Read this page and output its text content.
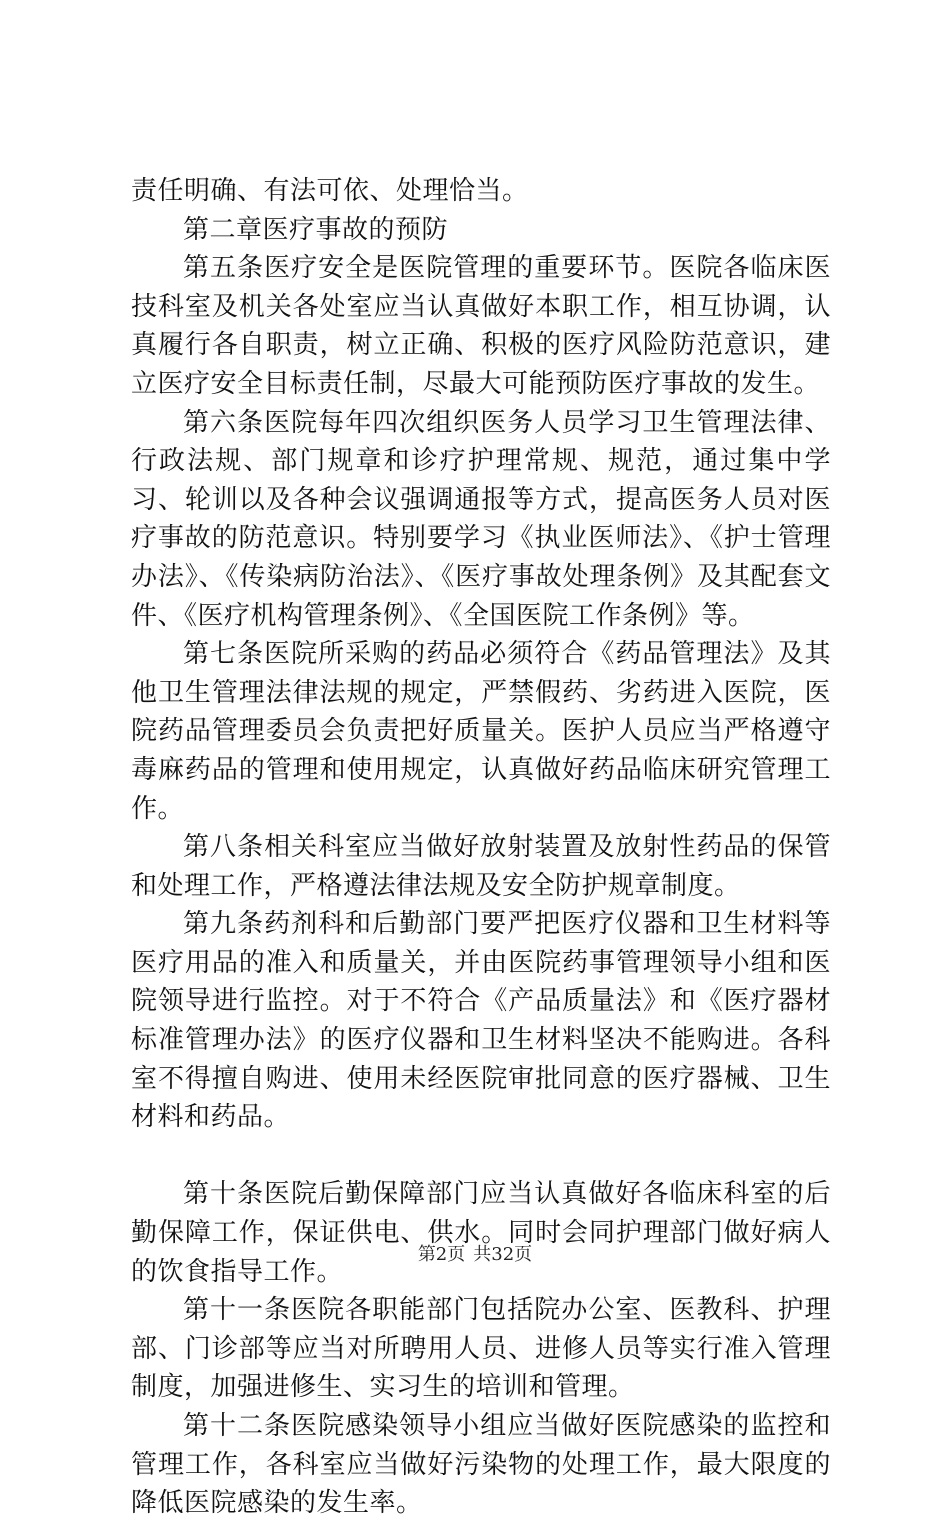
责任明确、有法可依、处理恰当。

第二章医疗事故的预防

第五条医疗安全是医院管理的重要环节。医院各临床医技科室及机关各处室应当认真做好本职工作，相互协调，认真履行各自职责，树立正确、积极的医疗风险防范意识，建立医疗安全目标责任制，尽最大可能预防医疗事故的发生。

第六条医院每年四次组织医务人员学习卫生管理法律、行政法规、部门规章和诊疗护理常规、规范，通过集中学习、轮训以及各种会议强调通报等方式，提高医务人员对医疗事故的防范意识。特别要学习《执业医师法》、《护士管理办法》、《传染病防治法》、《医疗事故处理条例》及其配套文件、《医疗机构管理条例》、《全国医院工作条例》等。

第七条医院所采购的药品必须符合《药品管理法》及其他卫生管理法律法规的规定，严禁假药、劣药进入医院，医院药品管理委员会负责把好质量关。医护人员应当严格遵守毒麻药品的管理和使用规定，认真做好药品临床研究管理工作。

第八条相关科室应当做好放射装置及放射性药品的保管和处理工作，严格遵法律法规及安全防护规章制度。

第九条药剂科和后勤部门要严把医疗仪器和卫生材料等医疗用品的准入和质量关，并由医院药事管理领导小组和医院领导进行监控。对于不符合《产品质量法》和《医疗器材标准管理办法》的医疗仪器和卫生材料坚决不能购进。各科室不得擅自购进、使用未经医院审批同意的医疗器械、卫生材料和药品。

第十条医院后勤保障部门应当认真做好各临床科室的后勤保障工作，保证供电、供水。同时会同护理部门做好病人的饮食指导工作。

第十一条医院各职能部门包括院办公室、医教科、护理部、门诊部等应当对所聘用人员、进修人员等实行准入管理制度，加强进修生、实习生的培训和管理。

第十二条医院感染领导小组应当做好医院感染的监控和管理工作，各科室应当做好污染物的处理工作，最大限度的降低医院感染的发生率。

第2页 共32页
